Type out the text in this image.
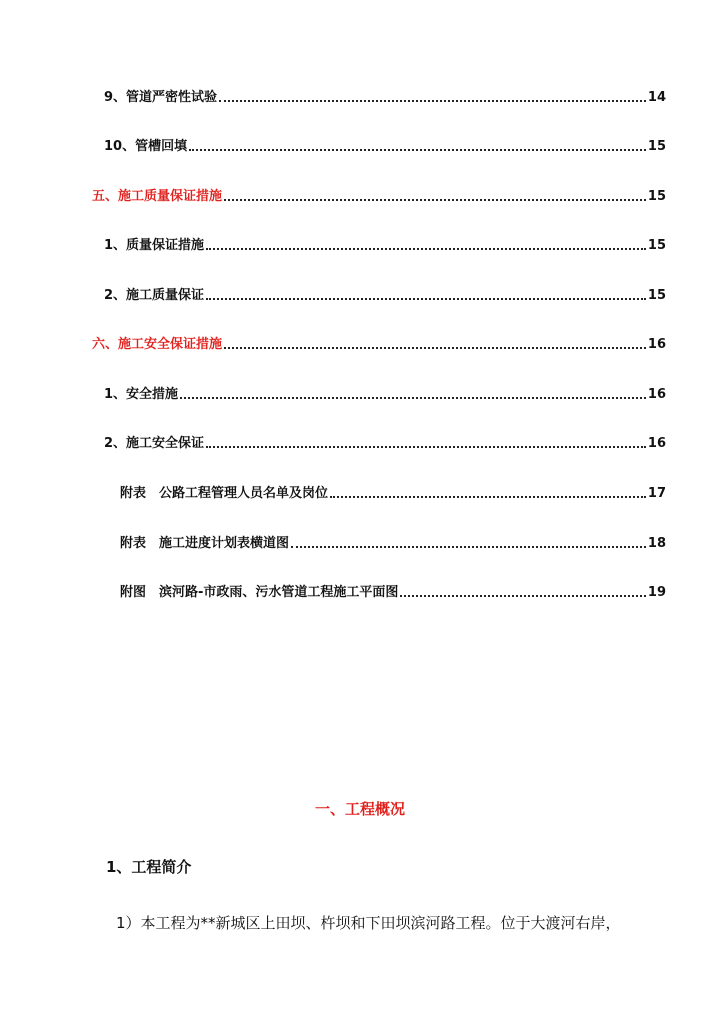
9、管道严密性试验	14
10、管槽回填	15
五、施工质量保证措施	15
1、质量保证措施	15
2、施工质量保证	15
六、施工安全保证措施	16
1、安全措施	16
2、施工安全保证	16
附表　公路工程管理人员名单及岗位	17
附表　施工进度计划表横道图	18
附图　滨河路-市政雨、污水管道工程施工平面图	19
一、工程概况
1、工程简介
1）本工程为**新城区上田坝、杵坝和下田坝滨河路工程。位于大渡河右岸，
